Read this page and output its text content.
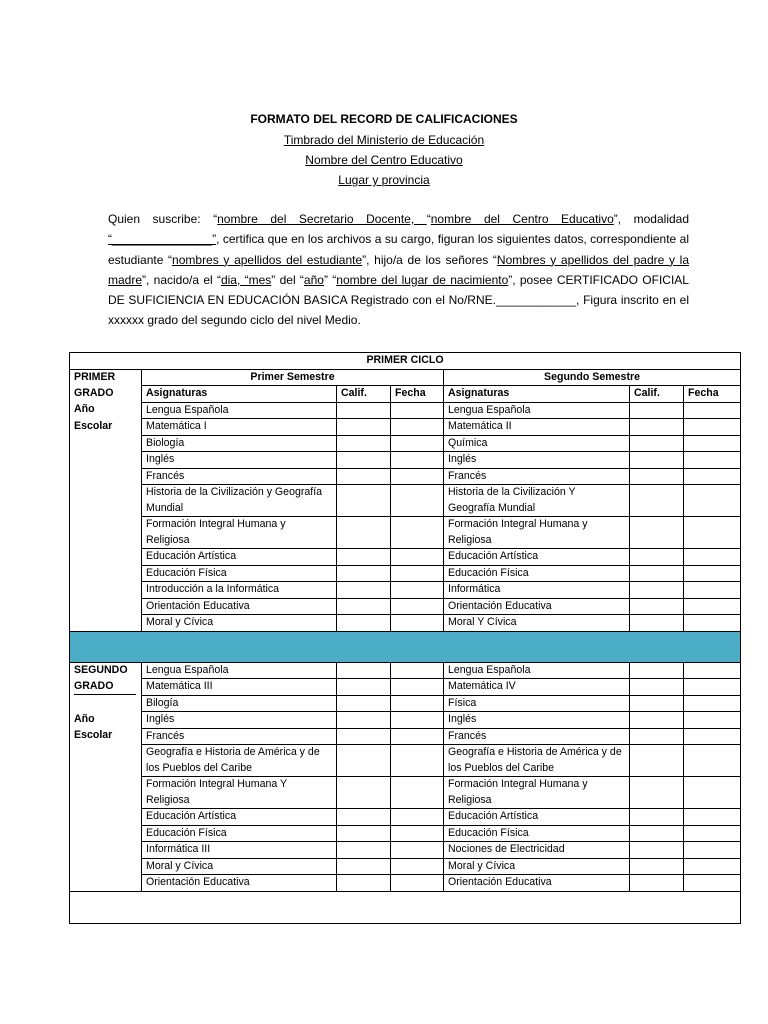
FORMATO DEL RECORD DE CALIFICACIONES
Timbrado del Ministerio de Educación
Nombre del Centro Educativo
Lugar y provincia
Quien suscribe: “nombre del Secretario Docente, “nombre del Centro Educativo”, modalidad “_______________”, certifica que en los archivos a su cargo, figuran los siguientes datos, correspondiente al estudiante “nombres y apellidos del estudiante”, hijo/a de los señores “Nombres y apellidos del padre y la madre”, nacido/a el “dia, “mes” del “año” “nombre del lugar de nacimiento”, posee CERTIFICADO OFICIAL DE SUFICIENCIA EN EDUCACIÓN BASICA Registrado con el No/RNE.____________, Figura inscrito en el xxxxxx grado del segundo ciclo del nivel Medio.
PRIMER CICLO						
PRIMER	Primer Semestre			Segundo Semestre		
GRADO	Asignaturas	Calif.	Fecha	Asignaturas	Calif.	Fecha
Año	Lengua Española			Lengua Española		
Escolar	Matemática I			Matemática II		
	Biología			Química		
	Inglés			Inglés		
	Francés			Francés		
	Historia de la Civilización y Geografía Mundial			Historia de la Civilización Y Geografía Mundial		
	Formación Integral Humana y Religiosa			Formación Integral Humana y Religiosa		
	Educación Artística			Educación Artística		
	Educación Física			Educación Física		
	Introducción a la Informática			Informática		
	Orientación Educativa			Orientación Educativa		
	Moral y Cívica			Moral Y Cívica		

SEGUNDO	Lengua Española			Lengua Española		
GRADO	Matemática III			Matemática IV		
	Bilogía			Física		
Año	Inglés			Inglés		
Escolar	Francés			Francés		
	Geografía e Historia de América y de los Pueblos del Caribe			Geografía e Historia de América y de los Pueblos del Caribe		
	Formación Integral Humana Y Religiosa			Formación Integral Humana y Religiosa		
	Educación Artística			Educación Artística		
	Educación Física			Educación Física		
	Informática III			Nociones de Electricidad		
	Moral y Cívica			Moral y Cívica		
	Orientación Educativa			Orientación Educativa		
